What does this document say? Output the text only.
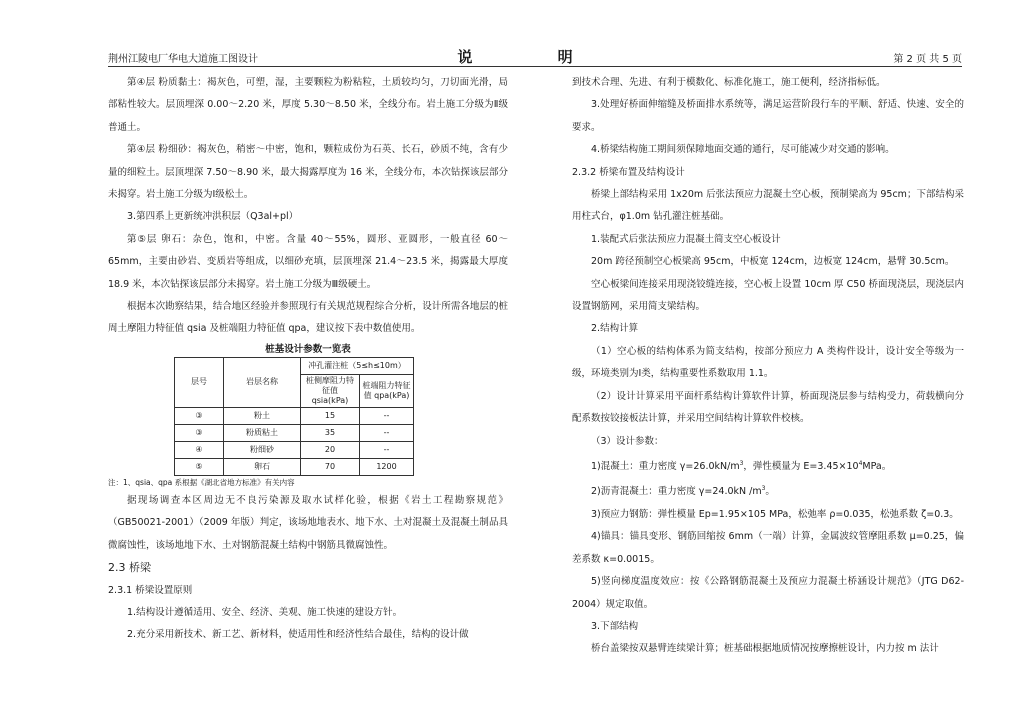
荆州江陵电厂华电大道施工图设计	说 明	第 2 页 共 5 页

第④层 粉质黏土：褐灰色，可塑，湿，主要颗粒为粉粘粒，土质较均匀，刀切面光滑，局部粘性较大。层顶埋深 0.00～2.20 米，厚度 5.30～8.50 米，全线分布。岩土施工分级为Ⅱ级普通土。

第④层 粉细砂：褐灰色，稍密～中密，饱和，颗粒成份为石英、长石，砂质不纯，含有少量的细粒土。层顶埋深 7.50～8.90 米，最大揭露厚度为 16 米，全线分布，本次钻探该层部分未揭穿。岩土施工分级为Ⅰ级松土。

3.第四系上更新统冲洪积层（Q3al+pl）

第⑤层 卵石：杂色，饱和，中密。含量 40～55%，圆形、亚圆形，一般直径 60～65mm，主要由砂岩、变质岩等组成，以细砂充填，层顶埋深 21.4～23.5 米，揭露最大厚度 18.9 米，本次钻探该层部分未揭穿。岩土施工分级为Ⅲ级硬土。

根据本次勘察结果，结合地区经验并参照现行有关规范规程综合分析，设计所需各地层的桩周土摩阻力特征值 qsia 及桩端阻力特征值 qpa，建议按下表中数值使用。

桩基设计参数一览表
层号	岩层名称	冲孔灌注桩（5≤h≤10m）	
		桩侧摩阻力特征值 qsia(kPa)	桩端阻力特征值 qpa(kPa)
③	粉土	15	--
③	粉质粘土	35	--
④	粉细砂	20	--
⑤	卵石	70	1200
注：1、qsia、qpa 系根据《湖北省地方标准》有关内容

据现场调查本区周边无不良污染源及取水试样化验，根据《岩土工程勘察规范》（GB50021-2001）（2009 年版）判定，该场地地表水、地下水、土对混凝土及混凝土制品具微腐蚀性，该场地地下水、土对钢筋混凝土结构中钢筋具微腐蚀性。

2.3 桥梁

2.3.1 桥梁设置原则

1.结构设计遵循适用、安全、经济、美观、施工快速的建设方针。

2.充分采用新技术、新工艺、新材料，使适用性和经济性结合最佳，结构的设计做

到技术合理、先进、有利于模数化、标准化施工，施工便利，经济指标低。

3.处理好桥面伸缩缝及桥面排水系统等，满足运营阶段行车的平顺、舒适、快速、安全的要求。

4.桥梁结构施工期间须保障地面交通的通行，尽可能减少对交通的影响。

2.3.2 桥梁布置及结构设计

桥梁上部结构采用 1x20m 后张法预应力混凝土空心板，预制梁高为 95cm；下部结构采用柱式台，φ1.0m 钻孔灌注桩基础。

1.装配式后张法预应力混凝土简支空心板设计

20m 跨径预制空心板梁高 95cm，中板宽 124cm，边板宽 124cm，悬臂 30.5cm。

空心板梁间连接采用现浇铰缝连接，空心板上设置 10cm 厚 C50 桥面现浇层，现浇层内设置钢筋网，采用简支梁结构。

2.结构计算

（1）空心板的结构体系为简支结构，按部分预应力 A 类构件设计，设计安全等级为一级，环境类别为Ⅰ类，结构重要性系数取用 1.1。

（2）设计计算采用平面杆系结构计算软件计算，桥面现浇层参与结构受力，荷载横向分配系数按铰接板法计算，并采用空间结构计算软件校核。

（3）设计参数：

1)混凝土：重力密度 $\gamma=26.0kN/m^3$，弹性模量为 $E=3.45\times 10^4MPa$。

2)沥青混凝土：重力密度 γ=24.0kN $/m^3$。

3)预应力钢筋：弹性模量 Ep=1.95×105 MPa，松弛率 ρ=0.035，松弛系数 ζ=0.3。

4)锚具：锚具变形、钢筋回缩按 6mm（一端）计算，金属波纹管摩阻系数 μ=0.25，偏差系数 κ=0.0015。

5)竖向梯度温度效应：按《公路钢筋混凝土及预应力混凝土桥涵设计规范》（JTG D62-2004）规定取值。

3.下部结构

桥台盖梁按双悬臂连续梁计算；桩基础根据地质情况按摩擦桩设计，内力按 m 法计
